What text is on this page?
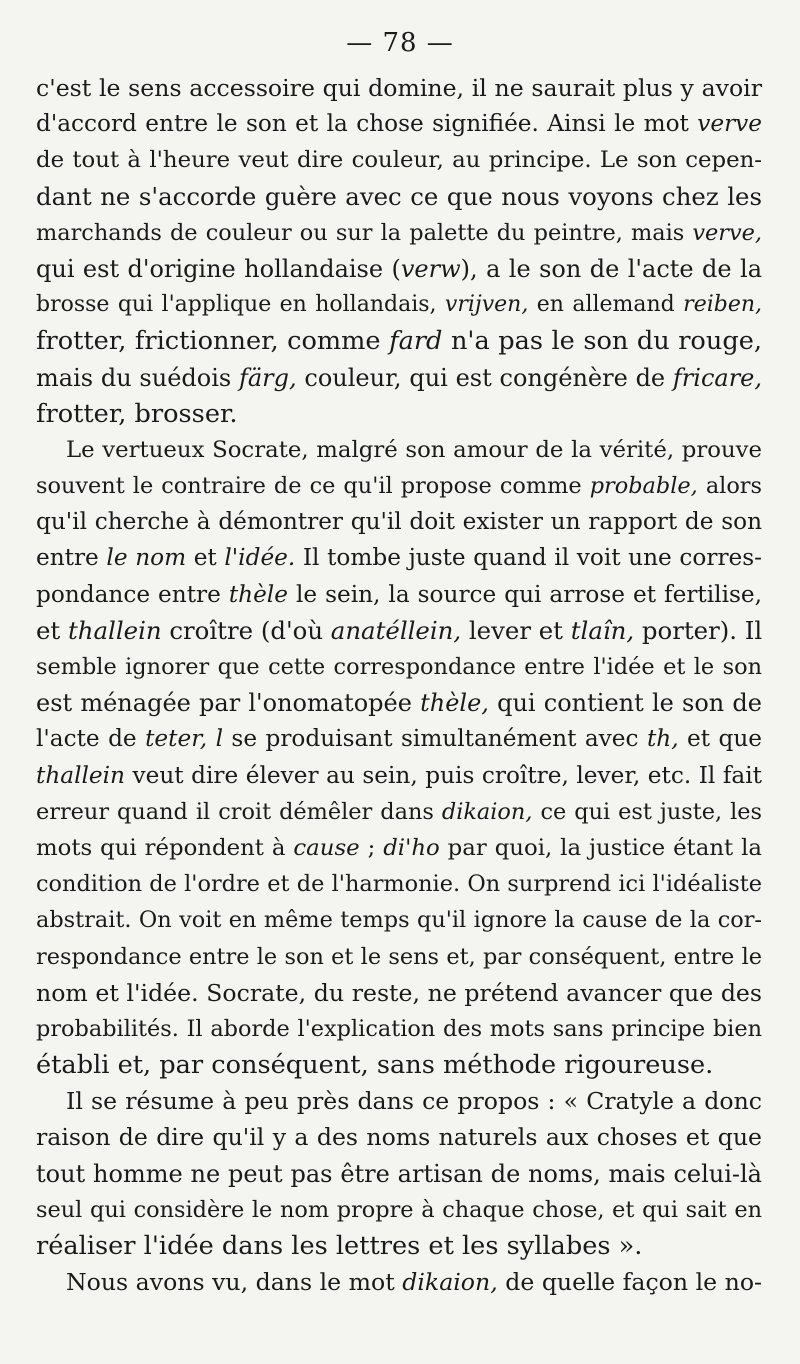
— 78 —
c'est le sens accessoire qui domine, il ne saurait plus y avoir
d'accord entre le son et la chose signifiée. Ainsi le mot verve
de tout à l'heure veut dire couleur, au principe. Le son cepen-
dant ne s'accorde guère avec ce que nous voyons chez les
marchands de couleur ou sur la palette du peintre, mais verve,
qui est d'origine hollandaise (verw), a le son de l'acte de la
brosse qui l'applique en hollandais, vrijven, en allemand reiben,
frotter, frictionner, comme fard n'a pas le son du rouge,
mais du suédois färg, couleur, qui est congénère de fricare,
frotter, brosser.
Le vertueux Socrate, malgré son amour de la vérité, prouve
souvent le contraire de ce qu'il propose comme probable, alors
qu'il cherche à démontrer qu'il doit exister un rapport de son
entre le nom et l'idée. Il tombe juste quand il voit une corres-
pondance entre thèle le sein, la source qui arrose et fertilise,
et thallein croître (d'où anatéllein, lever et tlaîn, porter). Il
semble ignorer que cette correspondance entre l'idée et le son
est ménagée par l'onomatopée thèle, qui contient le son de
l'acte de teter, l se produisant simultanément avec th, et que
thallein veut dire élever au sein, puis croître, lever, etc. Il fait
erreur quand il croit démêler dans dikaion, ce qui est juste, les
mots qui répondent à cause ; di'ho par quoi, la justice étant la
condition de l'ordre et de l'harmonie. On surprend ici l'idéaliste
abstrait. On voit en même temps qu'il ignore la cause de la cor-
respondance entre le son et le sens et, par conséquent, entre le
nom et l'idée. Socrate, du reste, ne prétend avancer que des
probabilités. Il aborde l'explication des mots sans principe bien
établi et, par conséquent, sans méthode rigoureuse.
Il se résume à peu près dans ce propos : « Cratyle a donc
raison de dire qu'il y a des noms naturels aux choses et que
tout homme ne peut pas être artisan de noms, mais celui-là
seul qui considère le nom propre à chaque chose, et qui sait en
réaliser l'idée dans les lettres et les syllabes ».
Nous avons vu, dans le mot dikaion, de quelle façon le no-
